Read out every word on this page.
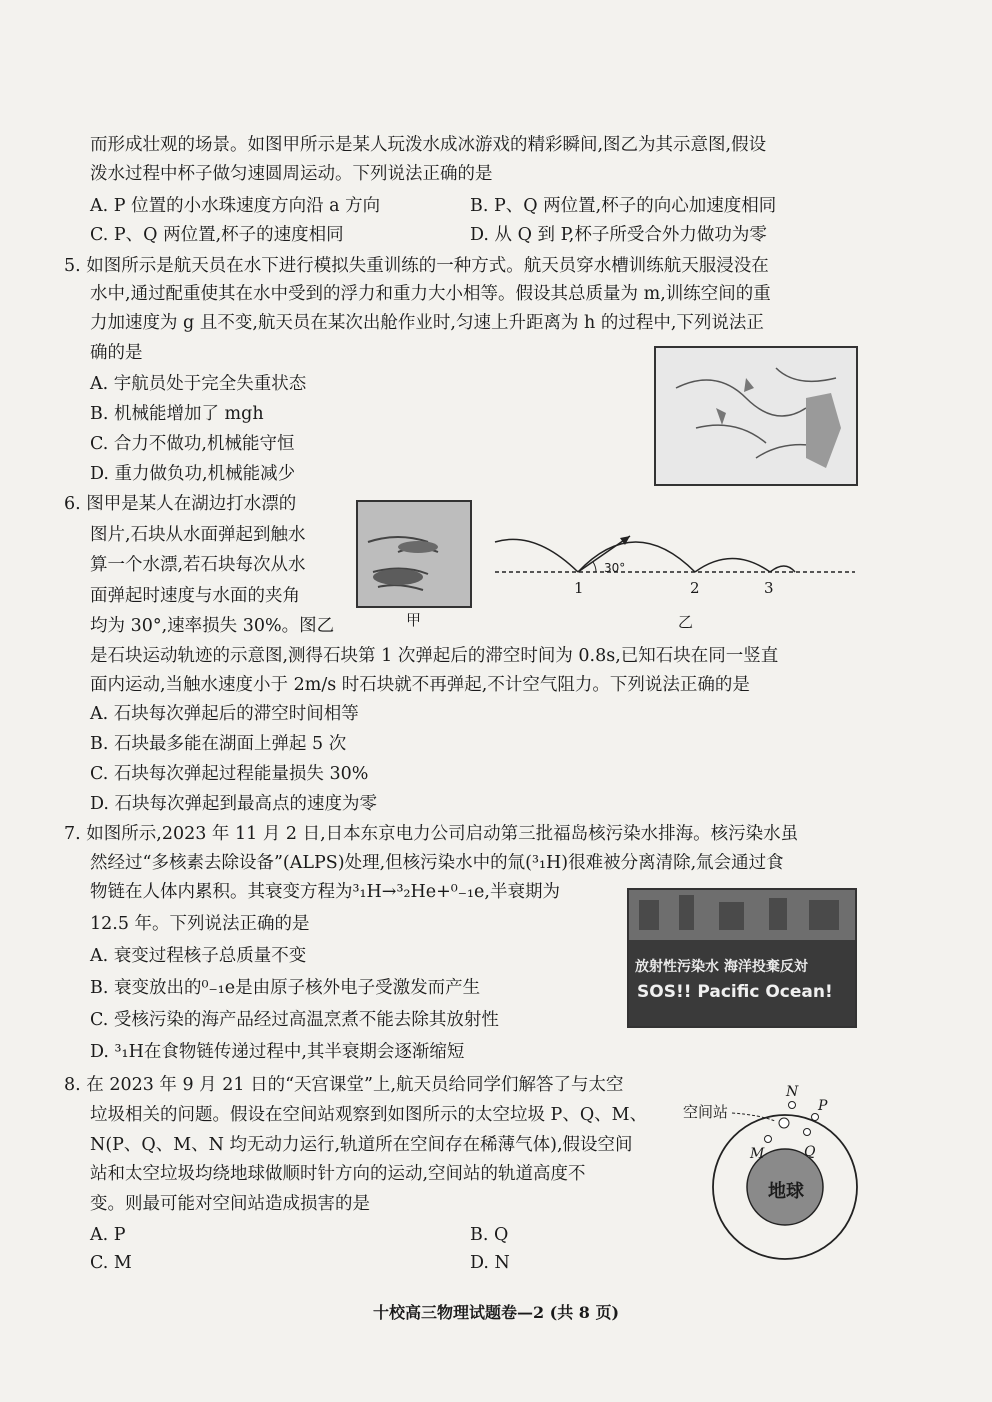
而形成壮观的场景。如图甲所示是某人玩泼水成冰游戏的精彩瞬间,图乙为其示意图,假设
泼水过程中杯子做匀速圆周运动。下列说法正确的是
A. P 位置的小水珠速度方向沿 a 方向	B. P、Q 两位置,杯子的向心加速度相同
C. P、Q 两位置,杯子的速度相同	D. 从 Q 到 P,杯子所受合外力做功为零
5. 如图所示是航天员在水下进行模拟失重训练的一种方式。航天员穿水槽训练航天服浸没在
水中,通过配重使其在水中受到的浮力和重力大小相等。假设其总质量为 m,训练空间的重
力加速度为 g 且不变,航天员在某次出舱作业时,匀速上升距离为 h 的过程中,下列说法正
确的是
A. 宇航员处于完全失重状态
B. 机械能增加了 mgh
C. 合力不做功,机械能守恒
D. 重力做负功,机械能减少
6. 图甲是某人在湖边打水漂的
图片,石块从水面弹起到触水
算一个水漂,若石块每次从水
面弹起时速度与水面的夹角
均为 30°,速率损失 30%。图乙
是石块运动轨迹的示意图,测得石块第 1 次弹起后的滞空时间为 0.8s,已知石块在同一竖直
面内运动,当触水速度小于 2m/s 时石块就不再弹起,不计空气阻力。下列说法正确的是
A. 石块每次弹起后的滞空时间相等
B. 石块最多能在湖面上弹起 5 次
C. 石块每次弹起过程能量损失 30%
D. 石块每次弹起到最高点的速度为零
甲
30°
1	2	3
乙
7. 如图所示,2023 年 11 月 2 日,日本东京电力公司启动第三批福岛核污染水排海。核污染水虽
然经过“多核素去除设备”(ALPS)处理,但核污染水中的氚(³₁H)很难被分离清除,氚会通过食
物链在人体内累积。其衰变方程为³₁H→³₂He+⁰₋₁e,半衰期为
12.5 年。下列说法正确的是
A. 衰变过程核子总质量不变
B. 衰变放出的⁰₋₁e是由原子核外电子受激发而产生
C. 受核污染的海产品经过高温烹煮不能去除其放射性
D. ³₁H在食物链传递过程中,其半衰期会逐渐缩短
放射性污染水 海洋投棄反対
SOS!! Pacific Ocean!
8. 在 2023 年 9 月 21 日的“天宫课堂”上,航天员给同学们解答了与太空
垃圾相关的问题。假设在空间站观察到如图所示的太空垃圾 P、Q、M、
N(P、Q、M、N 均无动力运行,轨道所在空间存在稀薄气体),假设空间
站和太空垃圾均绕地球做顺时针方向的运动,空间站的轨道高度不
变。则最可能对空间站造成损害的是
A. P	B. Q
C. M	D. N
空间站
地球
N
P
M	Q
十校高三物理试题卷—2 (共 8 页)
